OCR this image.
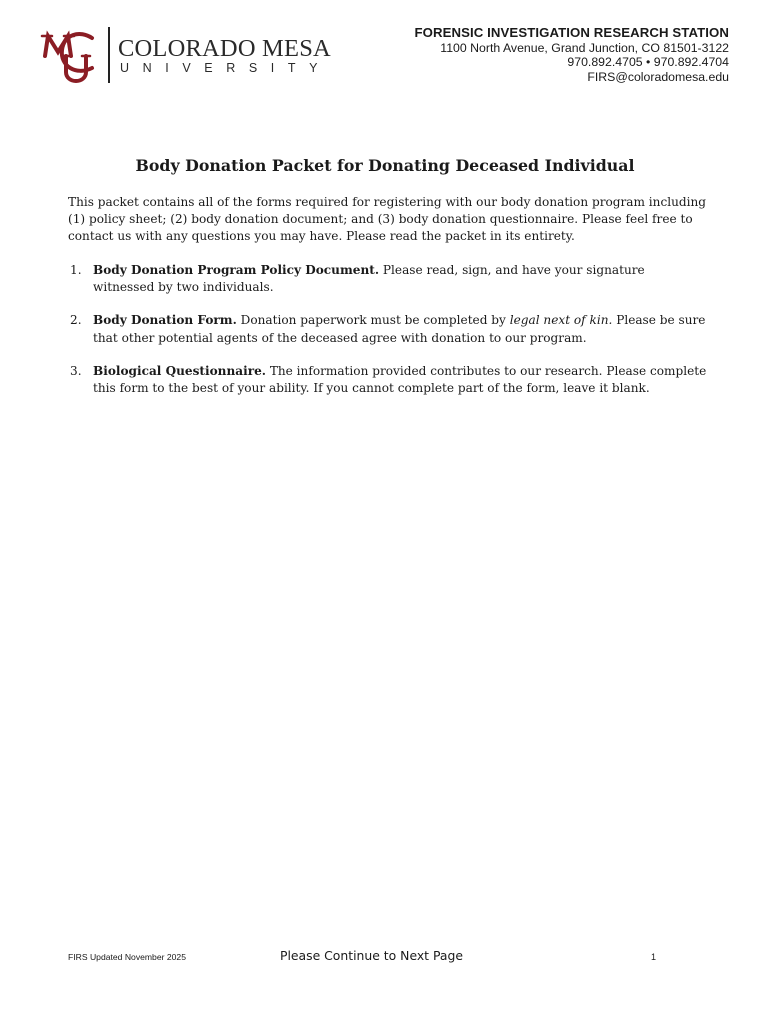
COLORADO MESA
UNIVERSITY
FORENSIC INVESTIGATION RESEARCH STATION
1100 North Avenue, Grand Junction, CO 81501-3122
970.892.4705 • 970.892.4704
FIRS@coloradomesa.edu
Body Donation Packet for Donating Deceased Individual
This packet contains all of the forms required for registering with our body donation program including (1) policy sheet; (2) body donation document; and (3) body donation questionnaire. Please feel free to contact us with any questions you may have. Please read the packet in its entirety.
1. Body Donation Program Policy Document. Please read, sign, and have your signature witnessed by two individuals.
2. Body Donation Form. Donation paperwork must be completed by legal next of kin. Please be sure that other potential agents of the deceased agree with donation to our program.
3. Biological Questionnaire. The information provided contributes to our research. Please complete this form to the best of your ability. If you cannot complete part of the form, leave it blank.
FIRS Updated November 2025	Please Continue to Next Page	1
